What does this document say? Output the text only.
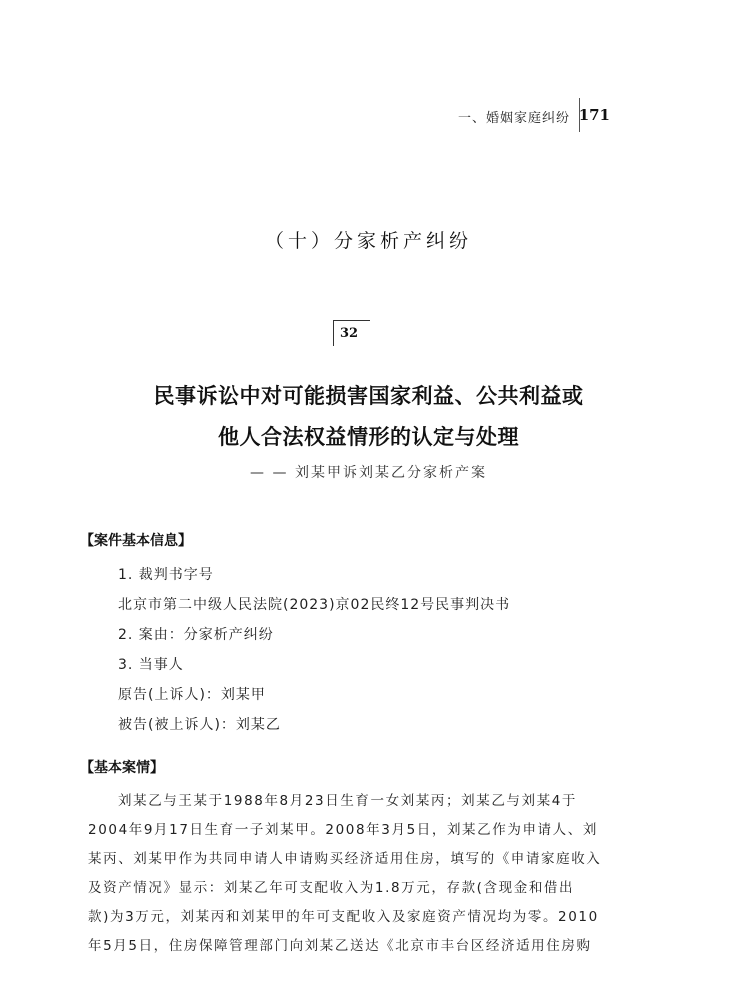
一、婚姻家庭纠纷 171
（十）分家析产纠纷
32
民事诉讼中对可能损害国家利益、公共利益或
他人合法权益情形的认定与处理
— — 刘某甲诉刘某乙分家析产案
【案件基本信息】
1. 裁判书字号
北京市第二中级人民法院(2023)京02民终12号民事判决书
2. 案由：分家析产纠纷
3. 当事人
原告(上诉人)：刘某甲
被告(被上诉人)：刘某乙
【基本案情】
刘某乙与王某于1988年8月23日生育一女刘某丙；刘某乙与刘某4于
2004年9月17日生育一子刘某甲。2008年3月5日，刘某乙作为申请人、刘
某丙、刘某甲作为共同申请人申请购买经济适用住房，填写的《申请家庭收入
及资产情况》显示：刘某乙年可支配收入为1.8万元，存款(含现金和借出
款)为3万元，刘某丙和刘某甲的年可支配收入及家庭资产情况均为零。2010
年5月5日，住房保障管理部门向刘某乙送达《北京市丰台区经济适用住房购
